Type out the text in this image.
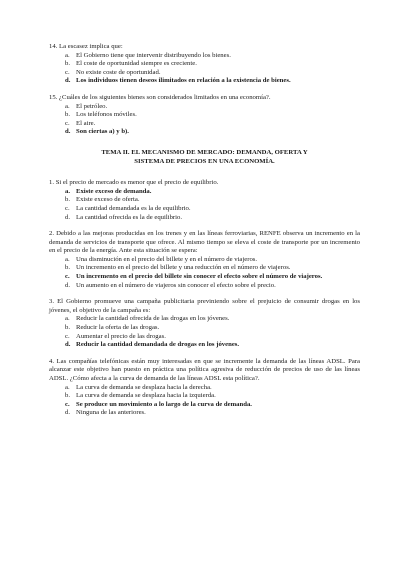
14. La escasez implica que:
a. El Gobierno tiene que intervenir distribuyendo los bienes.
b. El coste de oportunidad siempre es creciente.
c. No existe coste de oportunidad.
d. Los individuos tienen deseos ilimitados en relación a la existencia de bienes.
15. ¿Cuáles de los siguientes bienes son considerados limitados en una economía?.
a. El petróleo.
b. Los teléfonos móviles.
c. El aire.
d. Son ciertas a) y b).
TEMA II. EL MECANISMO DE MERCADO: DEMANDA, OFERTA Y
SISTEMA DE PRECIOS EN UNA ECONOMÍA.
1. Si el precio de mercado es menor que el precio de equilibrio.
a. Existe exceso de demanda.
b. Existe exceso de oferta.
c. La cantidad demandada es la de equilibrio.
d. La cantidad ofrecida es la de equilibrio.
2. Debido a las mejoras producidas en los trenes y en las líneas ferroviarias, RENFE observa un incremento en la demanda de servicios de transporte que ofrece. Al mismo tiempo se eleva el coste de transporte por un incremento en el precio de la energía. Ante esta situación se espera:
a. Una disminución en el precio del billete y en el número de viajeros.
b. Un incremento en el precio del billete y una reducción en el número de viajeros.
c. Un incremento en el precio del billete sin conocer el efecto sobre el número de viajeros.
d. Un aumento en el número de viajeros sin conocer el efecto sobre el precio.
3. El Gobierno promueve una campaña publicitaria previniendo sobre el prejuicio de consumir drogas en los jóvenes, el objetivo de la campaña es:
a. Reducir la cantidad ofrecida de las drogas en los jóvenes.
b. Reducir la oferta de las drogas.
c. Aumentar el precio de las drogas.
d. Reducir la cantidad demandada de drogas en los jóvenes.
4. Las compañías telefónicas están muy interesadas en que se incremente la demanda de las líneas ADSL. Para alcanzar este objetivo han puesto en práctica una política agresiva de reducción de precios de uso de las líneas ADSL. ¿Cómo afecta a la curva de demanda de las líneas ADSL esta política?.
a. La curva de demanda se desplaza hacia la derecha.
b. La curva de demanda se desplaza hacia la izquierda.
c. Se produce un movimiento a lo largo de la curva de demanda.
d. Ninguna de las anteriores.
